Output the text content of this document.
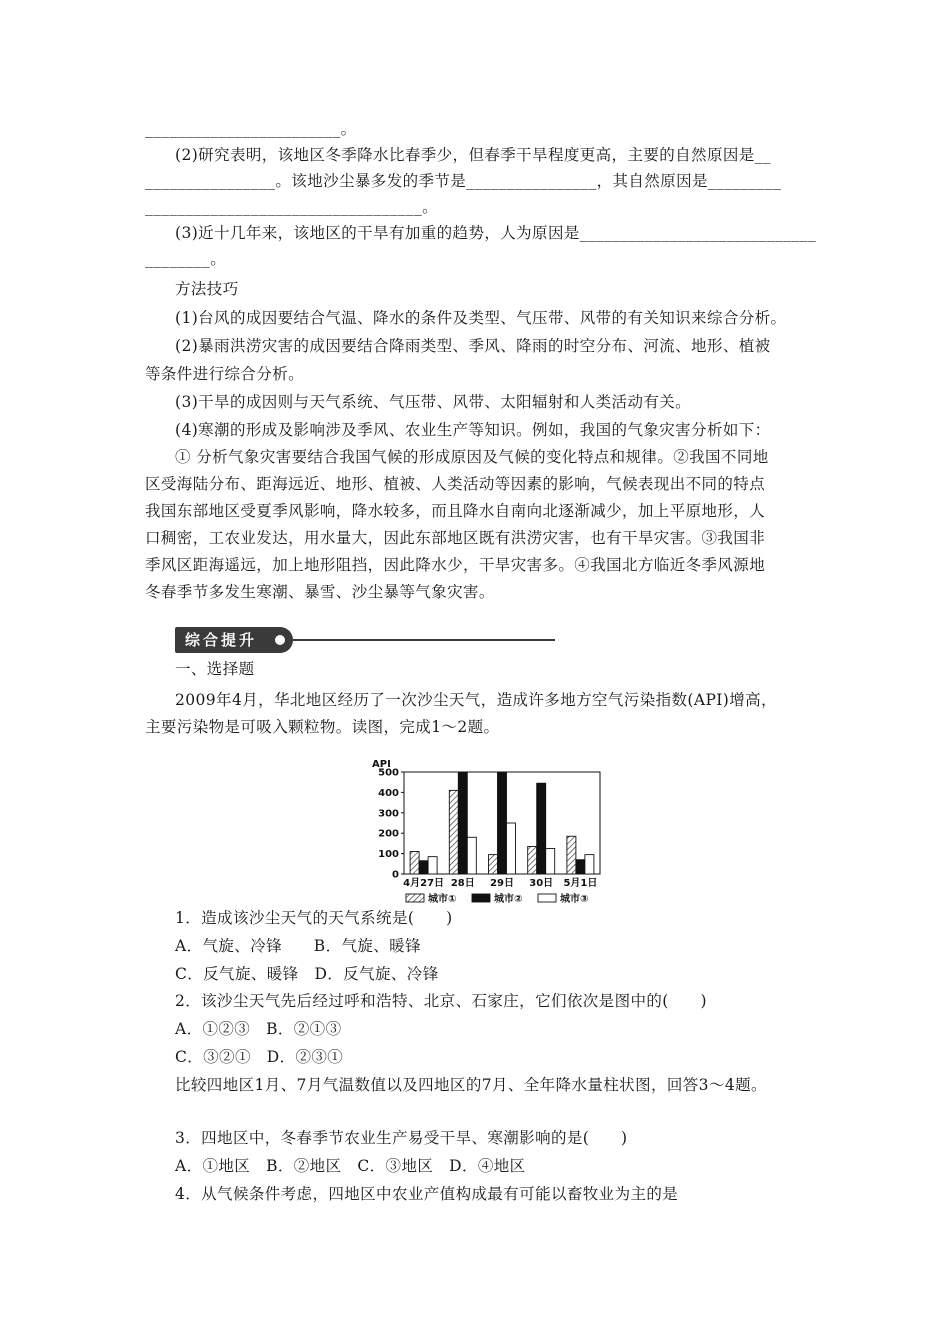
________________________。
(2)研究表明，该地区冬季降水比春季少，但春季干旱程度更高，主要的自然原因是__
________________。该地沙尘暴多发的季节是________________，其自然原因是_________
__________________________________。
(3)近十几年来，该地区的干旱有加重的趋势，人为原因是_____________________________
________。
方法技巧
(1)台风的成因要结合气温、降水的条件及类型、气压带、风带的有关知识来综合分析。
(2)暴雨洪涝灾害的成因要结合降雨类型、季风、降雨的时空分布、河流、地形、植被
等条件进行综合分析。
(3)干旱的成因则与天气系统、气压带、风带、太阳辐射和人类活动有关。
(4)寒潮的形成及影响涉及季风、农业生产等知识。例如，我国的气象灾害分析如下：
① 分析气象灾害要结合我国气候的形成原因及气候的变化特点和规律。②我国不同地
区受海陆分布、距海远近、地形、植被、人类活动等因素的影响，气候表现出不同的特点
我国东部地区受夏季风影响，降水较多，而且降水自南向北逐渐减少，加上平原地形，人
口稠密，工农业发达，用水量大，因此东部地区既有洪涝灾害，也有干旱灾害。③我国非
季风区距海遥远，加上地形阻挡，因此降水少，干旱灾害多。④我国北方临近冬季风源地
冬春季节多发生寒潮、暴雪、沙尘暴等气象灾害。
一、选择题
2009年4月，华北地区经历了一次沙尘天气，造成许多地方空气污染指数(API)增高，
主要污染物是可吸入颗粒物。读图，完成1～2题。
1．造成该沙尘天气的天气系统是(　　)
A．气旋、冷锋　　B．气旋、暖锋
C．反气旋、暖锋　D．反气旋、冷锋
2．该沙尘天气先后经过呼和浩特、北京、石家庄，它们依次是图中的(　　)
A．①②③　B．②①③
C．③②①　D．②③①
比较四地区1月、7月气温数值以及四地区的7月、全年降水量柱状图，回答3～4题。
3．四地区中，冬春季节农业生产易受干旱、寒潮影响的是(　　)
A．①地区　B．②地区　C．③地区　D．④地区
4．从气候条件考虑，四地区中农业产值构成最有可能以畜牧业为主的是
综合提升
API
0
100
200
300
400
500
4月27日 28日 29日 30日 5月1日
城市①	城市②	城市③
